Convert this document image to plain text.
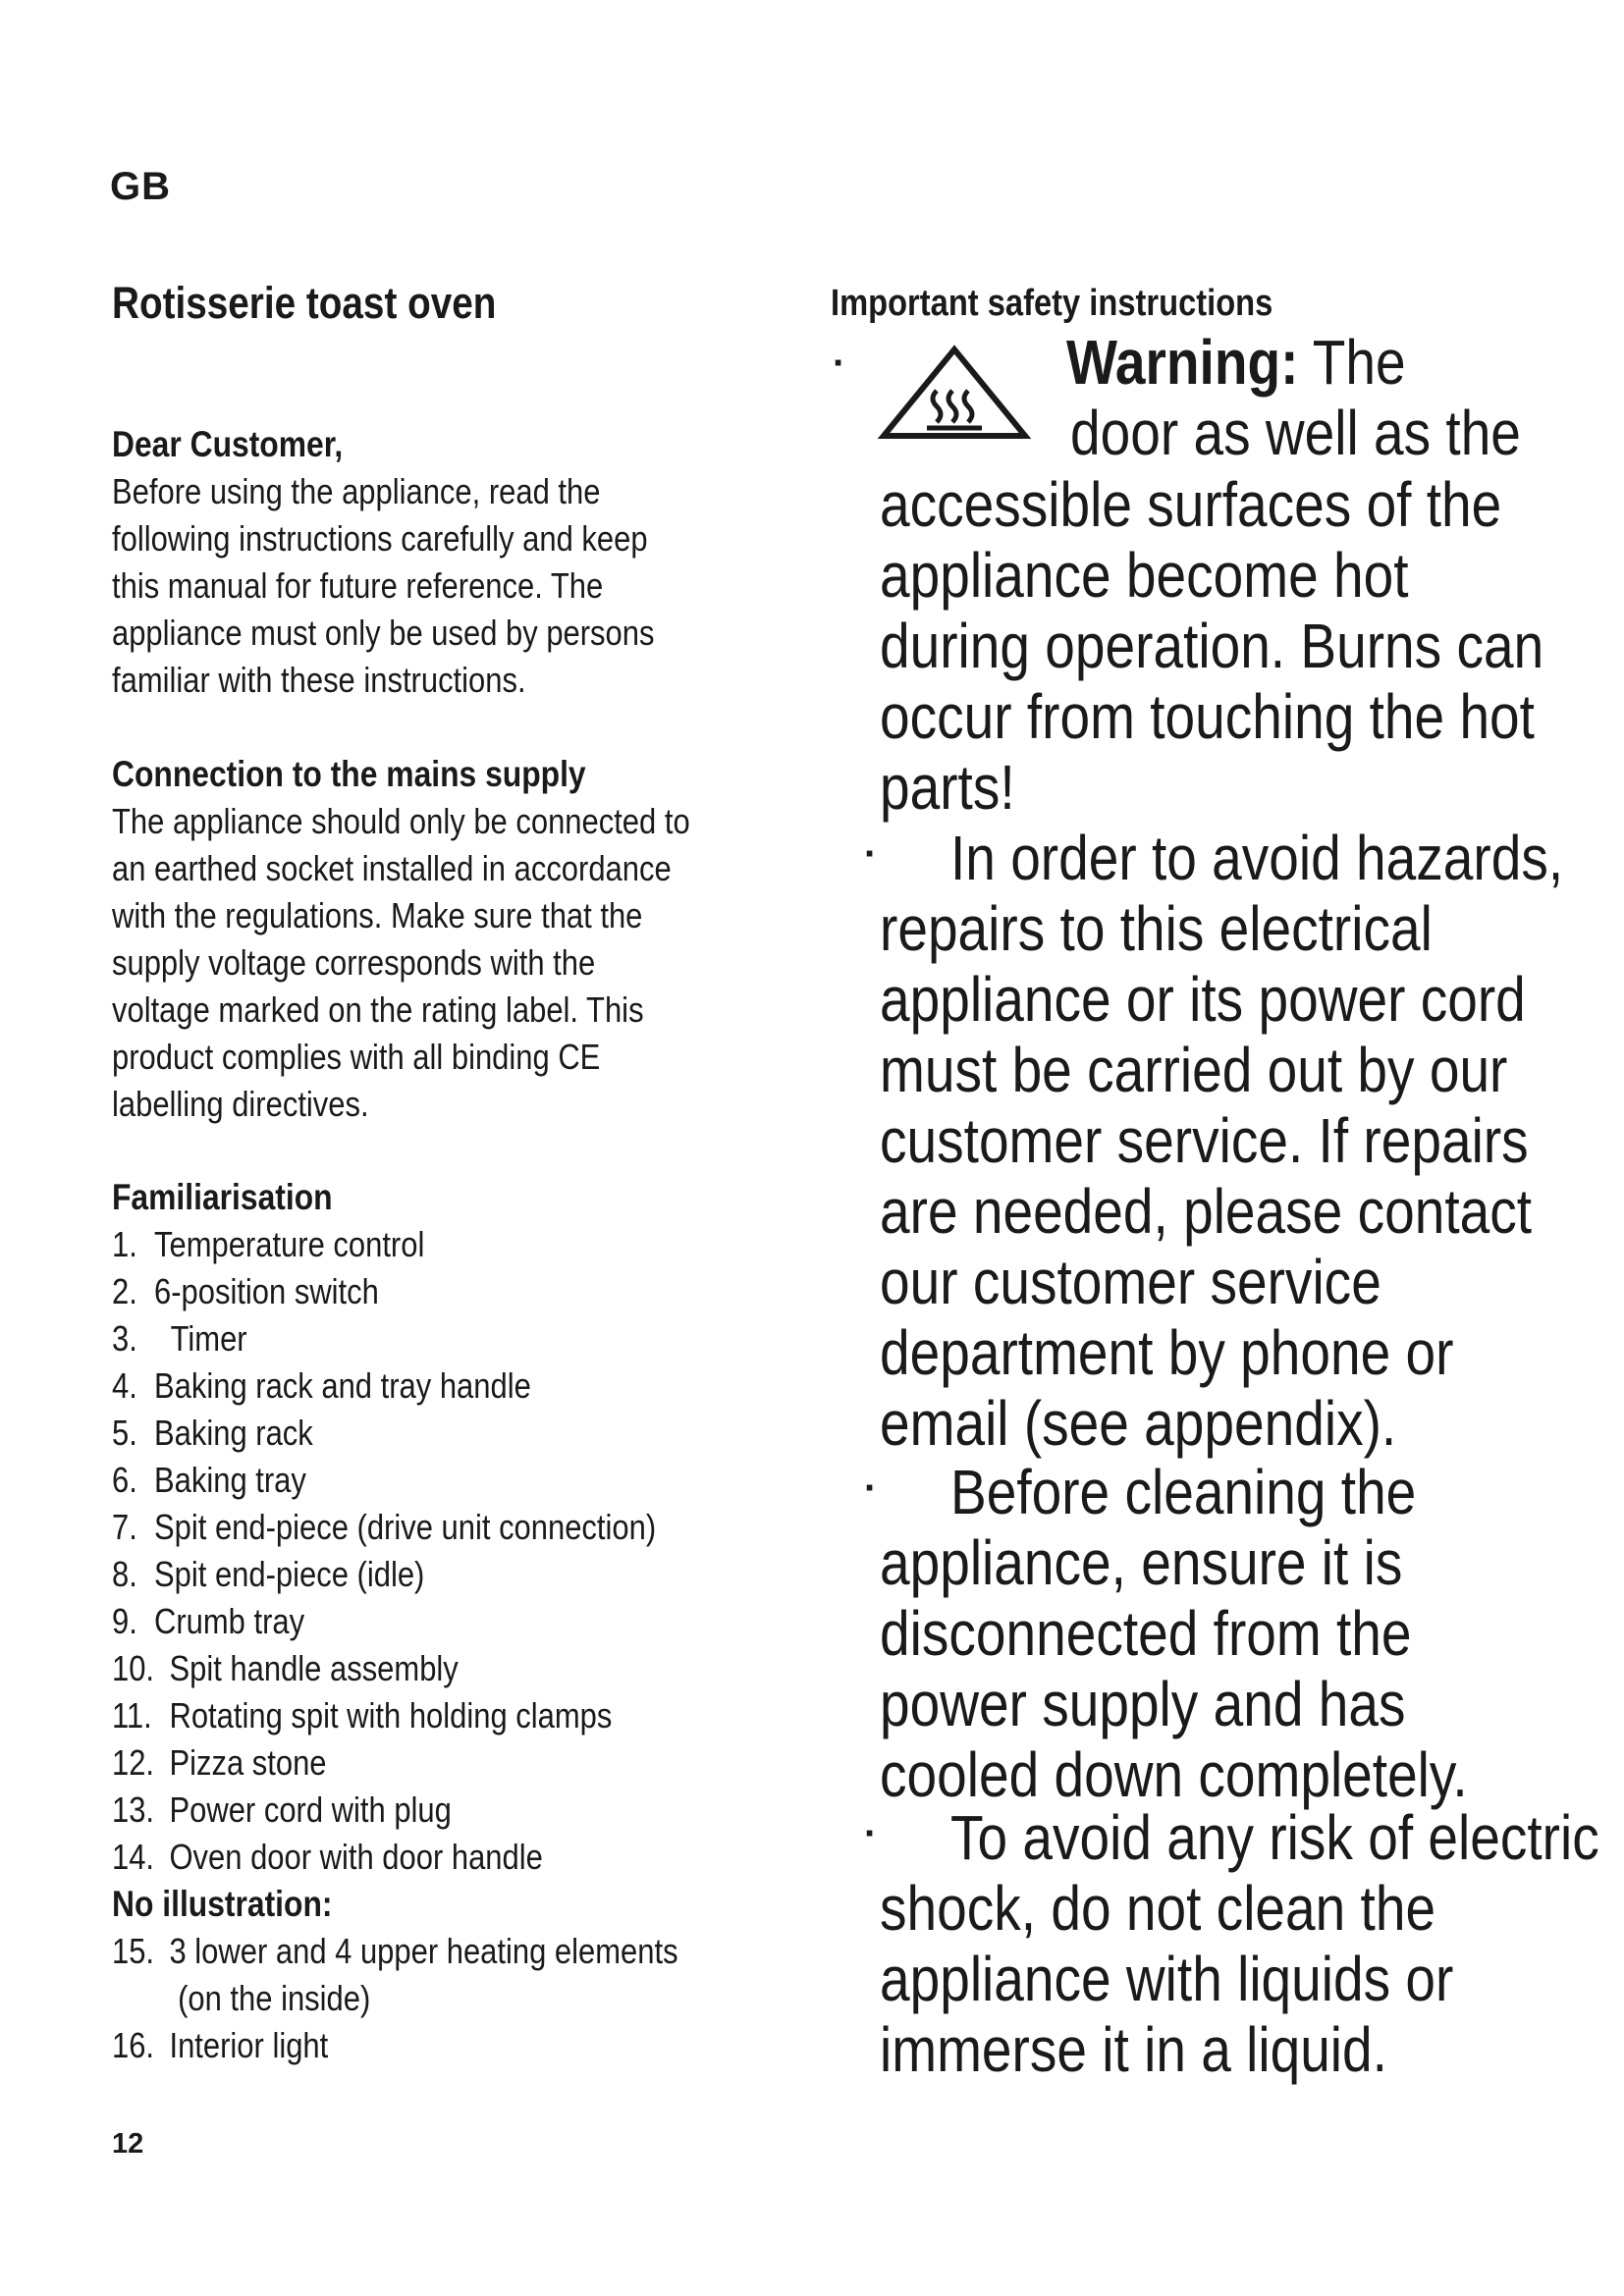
GB
Rotisserie toast oven
Dear Customer,
Before using the appliance, read the
following instructions carefully and keep
this manual for future reference. The
appliance must only be used by persons
familiar with these instructions.
Connection to the mains supply
The appliance should only be connected to
an earthed socket installed in accordance
with the regulations. Make sure that the
supply voltage corresponds with the
voltage marked on the rating label. This
product complies with all binding CE
labelling directives.
Familiarisation
1. Temperature control
2. 6-position switch
3.  Timer
4. Baking rack and tray handle
5. Baking rack
6. Baking tray
7. Spit end-piece (drive unit connection)
8. Spit end-piece (idle)
9. Crumb tray
10. Spit handle assembly
11. Rotating spit with holding clamps
12. Pizza stone
13. Power cord with plug
14. Oven door with door handle
No illustration:
15. 3 lower and 4 upper heating elements
(on the inside)
16. Interior light
12
Important safety instructions
·	Warning: The
door as well as the
accessible surfaces of the
appliance become hot
during operation. Burns can
occur from touching the hot
parts!
· In order to avoid hazards,
repairs to this electrical
appliance or its power cord
must be carried out by our
customer service. If repairs
are needed, please contact
our customer service
department by phone or
email (see appendix).
· Before cleaning the
appliance, ensure it is
disconnected from the
power supply and has
cooled down completely.
· To avoid any risk of electric
shock, do not clean the
appliance with liquids or
immerse it in a liquid.
